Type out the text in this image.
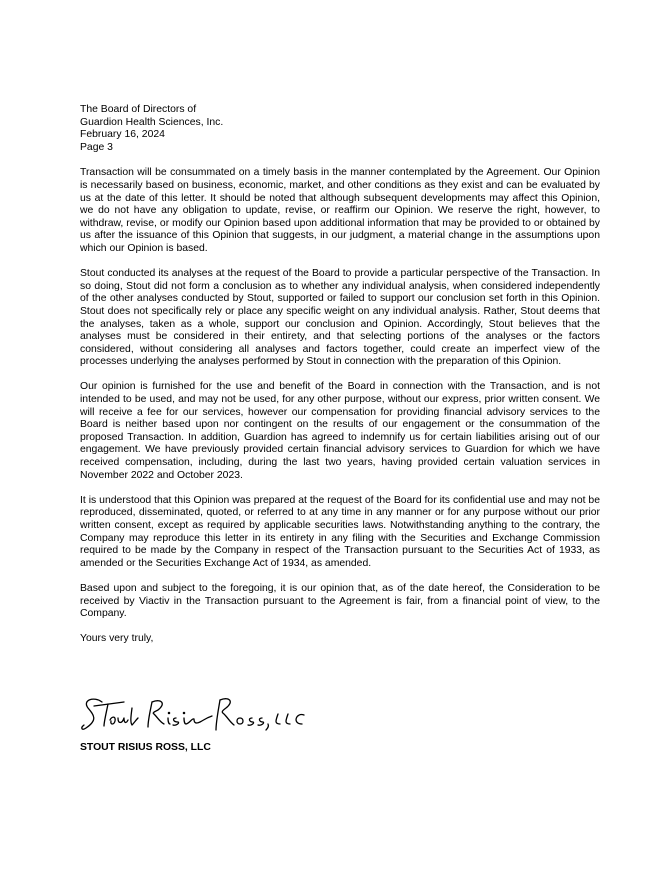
The Board of Directors of
Guardion Health Sciences, Inc.
February 16, 2024
Page 3

Transaction will be consummated on a timely basis in the manner contemplated by the Agreement. Our Opinion is necessarily based on business, economic, market, and other conditions as they exist and can be evaluated by us at the date of this letter. It should be noted that although subsequent developments may affect this Opinion, we do not have any obligation to update, revise, or reaffirm our Opinion. We reserve the right, however, to withdraw, revise, or modify our Opinion based upon additional information that may be provided to or obtained by us after the issuance of this Opinion that suggests, in our judgment, a material change in the assumptions upon which our Opinion is based.

Stout conducted its analyses at the request of the Board to provide a particular perspective of the Transaction. In so doing, Stout did not form a conclusion as to whether any individual analysis, when considered independently of the other analyses conducted by Stout, supported or failed to support our conclusion set forth in this Opinion. Stout does not specifically rely or place any specific weight on any individual analysis. Rather, Stout deems that the analyses, taken as a whole, support our conclusion and Opinion. Accordingly, Stout believes that the analyses must be considered in their entirety, and that selecting portions of the analyses or the factors considered, without considering all analyses and factors together, could create an imperfect view of the processes underlying the analyses performed by Stout in connection with the preparation of this Opinion.

Our opinion is furnished for the use and benefit of the Board in connection with the Transaction, and is not intended to be used, and may not be used, for any other purpose, without our express, prior written consent. We will receive a fee for our services, however our compensation for providing financial advisory services to the Board is neither based upon nor contingent on the results of our engagement or the consummation of the proposed Transaction. In addition, Guardion has agreed to indemnify us for certain liabilities arising out of our engagement. We have previously provided certain financial advisory services to Guardion for which we have received compensation, including, during the last two years, having provided certain valuation services in November 2022 and October 2023.

It is understood that this Opinion was prepared at the request of the Board for its confidential use and may not be reproduced, disseminated, quoted, or referred to at any time in any manner or for any purpose without our prior written consent, except as required by applicable securities laws. Notwithstanding anything to the contrary, the Company may reproduce this letter in its entirety in any filing with the Securities and Exchange Commission required to be made by the Company in respect of the Transaction pursuant to the Securities Act of 1933, as amended or the Securities Exchange Act of 1934, as amended.

Based upon and subject to the foregoing, it is our opinion that, as of the date hereof, the Consideration to be received by Viactiv in the Transaction pursuant to the Agreement is fair, from a financial point of view, to the Company.

Yours very truly,

STOUT RISIUS ROSS, LLC
